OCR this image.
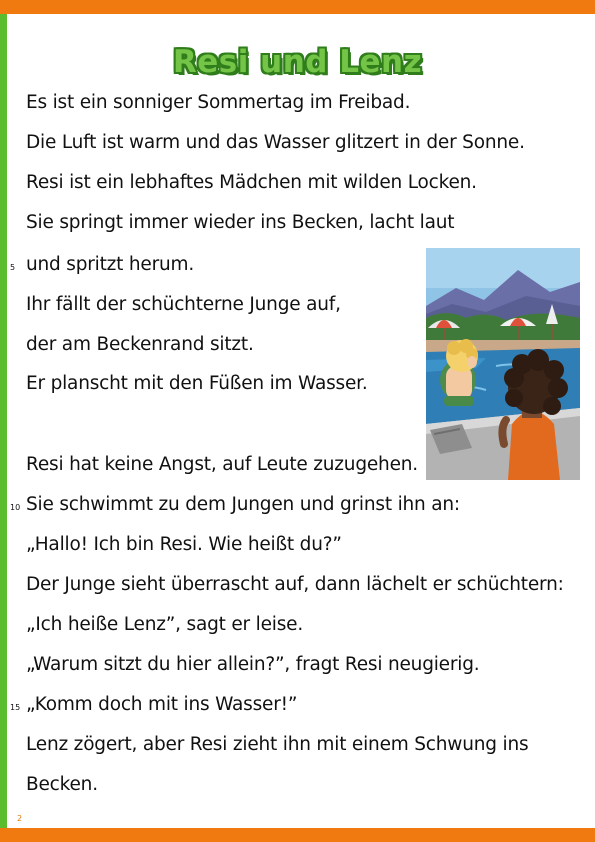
Resi und Lenz
Es ist ein sonniger Sommertag im Freibad.
Die Luft ist warm und das Wasser glitzert in der Sonne.
Resi ist ein lebhaftes Mädchen mit wilden Locken.
Sie springt immer wieder ins Becken, lacht laut
und spritzt herum.
Ihr fällt der schüchterne Junge auf,
der am Beckenrand sitzt.
Er planscht mit den Füßen im Wasser.
Resi hat keine Angst, auf Leute zuzugehen.
Sie schwimmt zu dem Jungen und grinst ihn an:
„Hallo! Ich bin Resi. Wie heißt du?”
Der Junge sieht überrascht auf, dann lächelt er schüchtern:
„Ich heiße Lenz”, sagt er leise.
„Warum sitzt du hier allein?”, fragt Resi neugierig.
„Komm doch mit ins Wasser!”
Lenz zögert, aber Resi zieht ihn mit einem Schwung ins
Becken.
5
10
15
2
